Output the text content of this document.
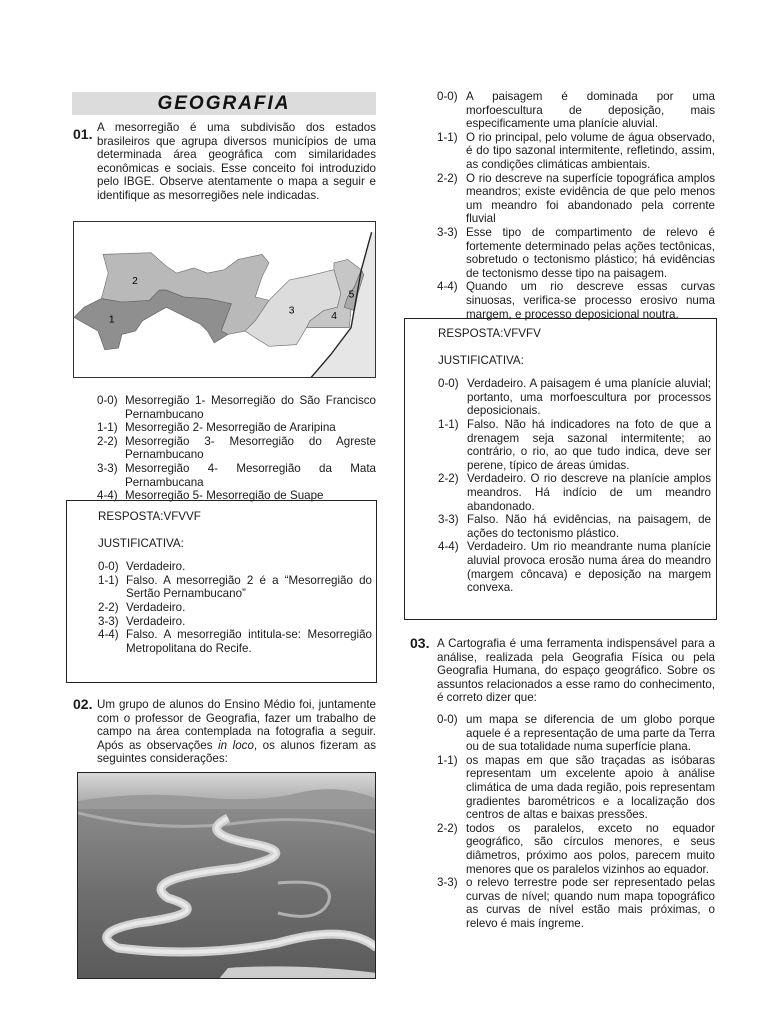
GEOGRAFIA
01. A mesorregião é uma subdivisão dos estados brasileiros que agrupa diversos municípios de uma determinada área geográfica com similaridades econômicas e sociais. Esse conceito foi introduzido pelo IBGE. Observe atentamente o mapa a seguir e identifique as mesorregiões nele indicadas.
2
1
3
4
5
0-0) Mesorregião 1- Mesorregião do São Francisco Pernambucano
1-1) Mesorregião 2- Mesorregião de Araripina
2-2) Mesorregião 3- Mesorregião do Agreste Pernambucano
3-3) Mesorregião 4- Mesorregião da Mata Pernambucana
4-4) Mesorregião 5- Mesorregião de Suape
RESPOSTA:VFVVF
JUSTIFICATIVA:
0-0) Verdadeiro.
1-1) Falso. A mesorregião 2 é a “Mesorregião do Sertão Pernambucano”
2-2) Verdadeiro.
3-3) Verdadeiro.
4-4) Falso. A mesorregião intitula-se: Mesorregião Metropolitana do Recife.
02. Um grupo de alunos do Ensino Médio foi, juntamente com o professor de Geografia, fazer um trabalho de campo na área contemplada na fotografia a seguir. Após as observações in loco, os alunos fizeram as seguintes considerações:
0-0) A paisagem é dominada por uma morfoescultura de deposição, mais especificamente uma planície aluvial.
1-1) O rio principal, pelo volume de água observado, é do tipo sazonal intermitente, refletindo, assim, as condições climáticas ambientais.
2-2) O rio descreve na superfície topográfica amplos meandros; existe evidência de que pelo menos um meandro foi abandonado pela corrente fluvial
3-3) Esse tipo de compartimento de relevo é fortemente determinado pelas ações tectônicas, sobretudo o tectonismo plástico; há evidências de tectonismo desse tipo na paisagem.
4-4) Quando um rio descreve essas curvas sinuosas, verifica-se processo erosivo numa margem, e processo deposicional noutra.
RESPOSTA:VFVFV
JUSTIFICATIVA:
0-0) Verdadeiro. A paisagem é uma planície aluvial; portanto, uma morfoescultura por processos deposicionais.
1-1) Falso. Não há indicadores na foto de que a drenagem seja sazonal intermitente; ao contrário, o rio, ao que tudo indica, deve ser perene, típico de áreas úmidas.
2-2) Verdadeiro. O rio descreve na planície amplos meandros. Há indício de um meandro abandonado.
3-3) Falso. Não há evidências, na paisagem, de ações do tectonismo plástico.
4-4) Verdadeiro. Um rio meandrante numa planície aluvial provoca erosão numa área do meandro (margem côncava) e deposição na margem convexa.
03. A Cartografia é uma ferramenta indispensável para a análise, realizada pela Geografia Física ou pela Geografia Humana, do espaço geográfico. Sobre os assuntos relacionados a esse ramo do conhecimento, é correto dizer que:
0-0) um mapa se diferencia de um globo porque aquele é a representação de uma parte da Terra ou de sua totalidade numa superfície plana.
1-1) os mapas em que são traçadas as isóbaras representam um excelente apoio à análise climática de uma dada região, pois representam gradientes barométricos e a localização dos centros de altas e baixas pressões.
2-2) todos os paralelos, exceto no equador geográfico, são círculos menores, e seus diâmetros, próximo aos polos, parecem muito menores que os paralelos vizinhos ao equador.
3-3) o relevo terrestre pode ser representado pelas curvas de nível; quando num mapa topográfico as curvas de nível estão mais próximas, o relevo é mais íngreme.
